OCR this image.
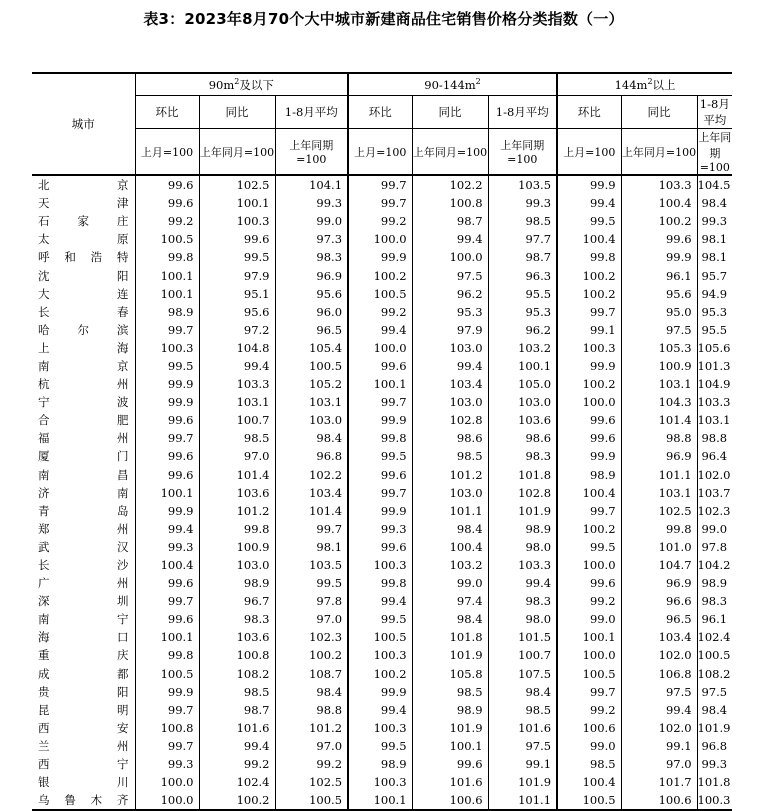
表3：2023年8月70个大中城市新建商品住宅销售价格分类指数（一）
城市	$90m^2$及以下			$90-144m^2$			$144m^2$以上		
	环比	同比	1-8月平均	环比	同比	1-8月平均	环比	同比	1-8月平均
	上月=100	上年同月=100	上年同期=100	上月=100	上年同月=100	上年同期=100	上月=100	上年同月=100	上年同期=100
北京	99.6	102.5	104.1	99.7	102.2	103.5	99.9	103.3	104.5
天津	99.6	100.1	99.3	99.7	100.8	99.3	99.4	100.4	98.4
石家庄	99.2	100.3	99.0	99.2	98.7	98.5	99.5	100.2	99.3
太原	100.5	99.6	97.3	100.0	99.4	97.7	100.4	99.6	98.1
呼和浩特	99.8	99.5	98.3	99.9	100.0	98.7	99.8	99.9	98.1
沈阳	100.1	97.9	96.9	100.2	97.5	96.3	100.2	96.1	95.7
大连	100.1	95.1	95.6	100.5	96.2	95.5	100.2	95.6	94.9
长春	98.9	95.6	96.0	99.2	95.3	95.3	99.7	95.0	95.3
哈尔滨	99.7	97.2	96.5	99.4	97.9	96.2	99.1	97.5	95.5
上海	100.3	104.8	105.4	100.0	103.0	103.2	100.3	105.3	105.6
南京	99.5	99.4	100.5	99.6	99.4	100.1	99.9	100.9	101.3
杭州	99.9	103.3	105.2	100.1	103.4	105.0	100.2	103.1	104.9
宁波	99.9	103.1	103.1	99.7	103.0	103.0	100.0	104.3	103.3
合肥	99.6	100.7	103.0	99.9	102.8	103.6	99.6	101.4	103.1
福州	99.7	98.5	98.4	99.8	98.6	98.6	99.6	98.8	98.8
厦门	99.6	97.0	96.8	99.5	98.5	98.3	99.9	96.9	96.4
南昌	99.6	101.4	102.2	99.6	101.2	101.8	98.9	101.1	102.0
济南	100.1	103.6	103.4	99.7	103.0	102.8	100.4	103.1	103.7
青岛	99.9	101.2	101.4	99.9	101.1	101.9	99.7	102.5	102.3
郑州	99.4	99.8	99.7	99.3	98.4	98.9	100.2	99.8	99.0
武汉	99.3	100.9	98.1	99.6	100.4	98.0	99.5	101.0	97.8
长沙	100.4	103.0	103.5	100.3	103.2	103.3	100.0	104.7	104.2
广州	99.6	98.9	99.5	99.8	99.0	99.4	99.6	96.9	98.9
深圳	99.7	96.7	97.8	99.4	97.4	98.3	99.2	96.6	98.3
南宁	99.6	98.3	97.0	99.5	98.4	98.0	99.0	96.5	96.1
海口	100.1	103.6	102.3	100.5	101.8	101.5	100.1	103.4	102.4
重庆	99.8	100.8	100.2	100.3	101.9	100.7	100.0	102.0	100.5
成都	100.5	108.2	108.7	100.2	105.8	107.5	100.5	106.8	108.2
贵阳	99.9	98.5	98.4	99.9	98.5	98.4	99.7	97.5	97.5
昆明	99.7	98.7	98.8	99.4	98.9	98.5	99.2	99.4	98.4
西安	100.8	101.6	101.2	100.3	101.9	101.6	100.6	102.0	101.9
兰州	99.7	99.4	97.0	99.5	100.1	97.5	99.0	99.1	96.8
西宁	99.3	99.2	99.2	98.9	99.6	99.1	98.5	97.0	99.3
银川	100.0	102.4	102.5	100.3	101.6	101.9	100.4	101.7	101.8
乌鲁木齐	100.0	100.2	100.5	100.1	100.6	101.1	100.5	100.6	100.3
